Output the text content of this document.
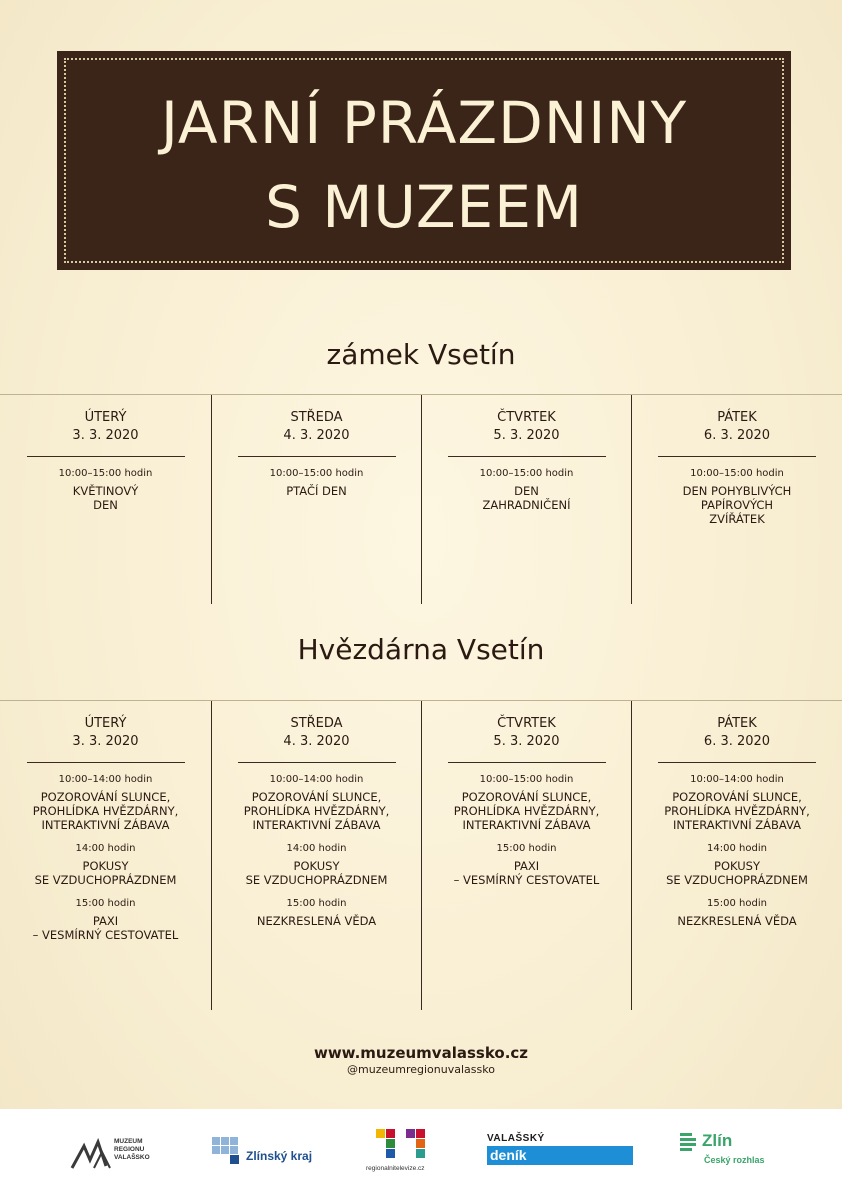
JARNÍ PRÁZDNINY
S MUZEEM
zámek Vsetín
ÚTERÝ
3. 3. 2020
10:00–15:00 hodin
KVĚTINOVÝ
DEN
STŘEDA
4. 3. 2020
10:00–15:00 hodin
PTAČÍ DEN
ČTVRTEK
5. 3. 2020
10:00–15:00 hodin
DEN
ZAHRADNIČENÍ
PÁTEK
6. 3. 2020
10:00–15:00 hodin
DEN POHYBLIVÝCH
PAPÍROVÝCH
ZVÍŘÁTEK
Hvězdárna Vsetín
ÚTERÝ
3. 3. 2020
10:00–14:00 hodin
POZOROVÁNÍ SLUNCE,
PROHLÍDKA HVĚZDÁRNY,
INTERAKTIVNÍ ZÁBAVA
14:00 hodin
POKUSY
SE VZDUCHOPRÁZDNEM
15:00 hodin
PAXI
– VESMÍRNÝ CESTOVATEL
STŘEDA
4. 3. 2020
10:00–14:00 hodin
POZOROVÁNÍ SLUNCE,
PROHLÍDKA HVĚZDÁRNY,
INTERAKTIVNÍ ZÁBAVA
14:00 hodin
POKUSY
SE VZDUCHOPRÁZDNEM
15:00 hodin
NEZKRESLENÁ VĚDA
ČTVRTEK
5. 3. 2020
10:00–15:00 hodin
POZOROVÁNÍ SLUNCE,
PROHLÍDKA HVĚZDÁRNY,
INTERAKTIVNÍ ZÁBAVA
15:00 hodin
PAXI
– VESMÍRNÝ CESTOVATEL
PÁTEK
6. 3. 2020
10:00–14:00 hodin
POZOROVÁNÍ SLUNCE,
PROHLÍDKA HVĚZDÁRNY,
INTERAKTIVNÍ ZÁBAVA
14:00 hodin
POKUSY
SE VZDUCHOPRÁZDNEM
15:00 hodin
NEZKRESLENÁ VĚDA
www.muzeumvalassko.cz
@muzeumregionuvalassko
MUZEUM
REGIONU
VALAŠSKO	Zlínský kraj
regionalnitelevize.cz
VALAŠSKÝ
deník
Zlín
Český rozhlas
